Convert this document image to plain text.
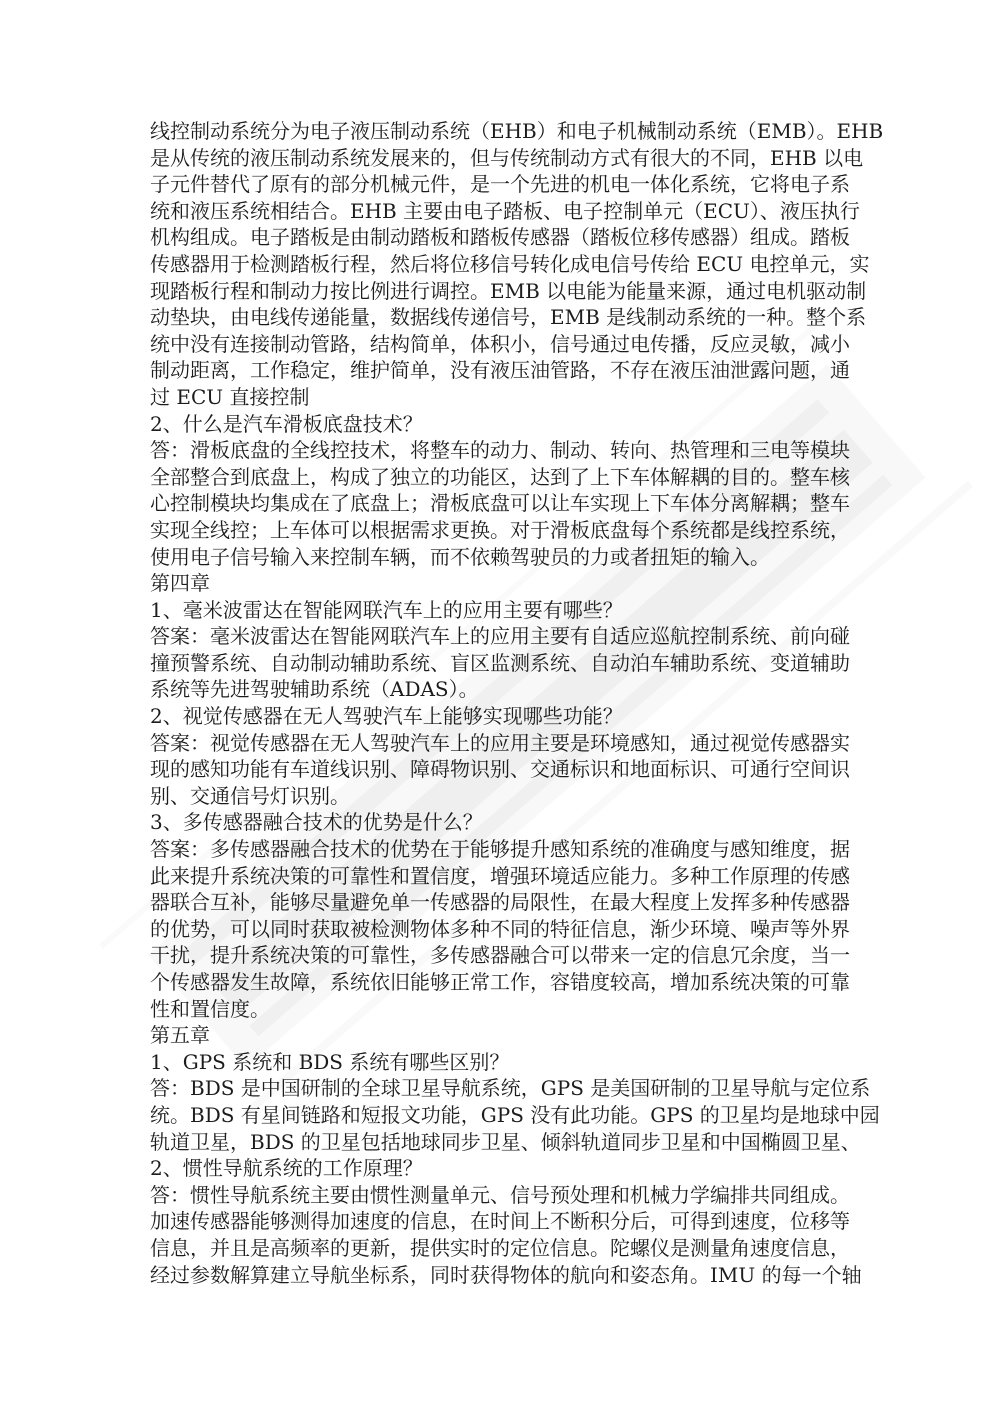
线控制动系统分为电子液压制动系统（EHB）和电子机械制动系统（EMB）。EHB
是从传统的液压制动系统发展来的，但与传统制动方式有很大的不同，EHB 以电
子元件替代了原有的部分机械元件，是一个先进的机电一体化系统，它将电子系
统和液压系统相结合。EHB 主要由电子踏板、电子控制单元（ECU）、液压执行
机构组成。电子踏板是由制动踏板和踏板传感器（踏板位移传感器）组成。踏板
传感器用于检测踏板行程，然后将位移信号转化成电信号传给 ECU 电控单元，实
现踏板行程和制动力按比例进行调控。EMB 以电能为能量来源，通过电机驱动制
动垫块，由电线传递能量，数据线传递信号，EMB 是线制动系统的一种。整个系
统中没有连接制动管路，结构简单，体积小，信号通过电传播，反应灵敏，减小
制动距离，工作稳定，维护简单，没有液压油管路，不存在液压油泄露问题，通
过 ECU 直接控制
2、什么是汽车滑板底盘技术？
答：滑板底盘的全线控技术，将整车的动力、制动、转向、热管理和三电等模块
全部整合到底盘上，构成了独立的功能区，达到了上下车体解耦的目的。整车核
心控制模块均集成在了底盘上；滑板底盘可以让车实现上下车体分离解耦；整车
实现全线控；上车体可以根据需求更换。对于滑板底盘每个系统都是线控系统，
使用电子信号输入来控制车辆，而不依赖驾驶员的力或者扭矩的输入。
第四章
1、毫米波雷达在智能网联汽车上的应用主要有哪些？
答案：毫米波雷达在智能网联汽车上的应用主要有自适应巡航控制系统、前向碰
撞预警系统、自动制动辅助系统、盲区监测系统、自动泊车辅助系统、变道辅助
系统等先进驾驶辅助系统（ADAS）。
2、视觉传感器在无人驾驶汽车上能够实现哪些功能？
答案：视觉传感器在无人驾驶汽车上的应用主要是环境感知，通过视觉传感器实
现的感知功能有车道线识别、障碍物识别、交通标识和地面标识、可通行空间识
别、交通信号灯识别。
3、多传感器融合技术的优势是什么？
答案：多传感器融合技术的优势在于能够提升感知系统的准确度与感知维度，据
此来提升系统决策的可靠性和置信度，增强环境适应能力。多种工作原理的传感
器联合互补，能够尽量避免单一传感器的局限性，在最大程度上发挥多种传感器
的优势，可以同时获取被检测物体多种不同的特征信息，渐少环境、噪声等外界
干扰，提升系统决策的可靠性，多传感器融合可以带来一定的信息冗余度，当一
个传感器发生故障，系统依旧能够正常工作，容错度较高，增加系统决策的可靠
性和置信度。
第五章
1、GPS 系统和 BDS 系统有哪些区别？
答：BDS 是中国研制的全球卫星导航系统，GPS 是美国研制的卫星导航与定位系
统。BDS 有星间链路和短报文功能，GPS 没有此功能。GPS 的卫星均是地球中园
轨道卫星，BDS 的卫星包括地球同步卫星、倾斜轨道同步卫星和中国椭圆卫星、
2、惯性导航系统的工作原理？
答：惯性导航系统主要由惯性测量单元、信号预处理和机械力学编排共同组成。
加速传感器能够测得加速度的信息，在时间上不断积分后，可得到速度，位移等
信息，并且是高频率的更新，提供实时的定位信息。陀螺仪是测量角速度信息，
经过参数解算建立导航坐标系，同时获得物体的航向和姿态角。IMU 的每一个轴
